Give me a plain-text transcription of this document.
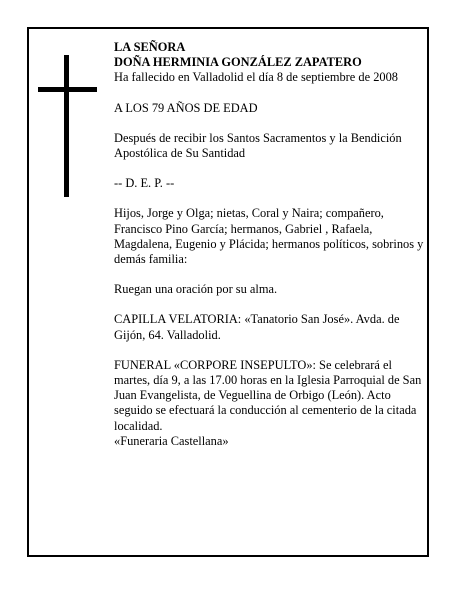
LA SEÑORA

DOÑA HERMINIA GONZÁLEZ ZAPATERO

Ha fallecido en Valladolid el día 8 de septiembre de 2008

A LOS 79 AÑOS DE EDAD

Después de recibir los Santos Sacramentos y la Bendición Apostólica de Su Santidad

-- D. E. P. --

Hijos, Jorge y Olga; nietas, Coral y Naira; compañero, Francisco Pino García; hermanos, Gabriel , Rafaela, Magdalena, Eugenio y Plácida; hermanos políticos, sobrinos y demás familia:

Ruegan una oración por su alma.

CAPILLA VELATORIA: «Tanatorio San José». Avda. de Gijón, 64. Valladolid.

FUNERAL «CORPORE INSEPULTO»: Se celebrará el martes, día 9, a las 17.00 horas en la Iglesia Parroquial de San Juan Evangelista, de Veguellina de Orbigo (León). Acto seguido se efectuará la conducción al cementerio de la citada localidad.

«Funeraria Castellana»
